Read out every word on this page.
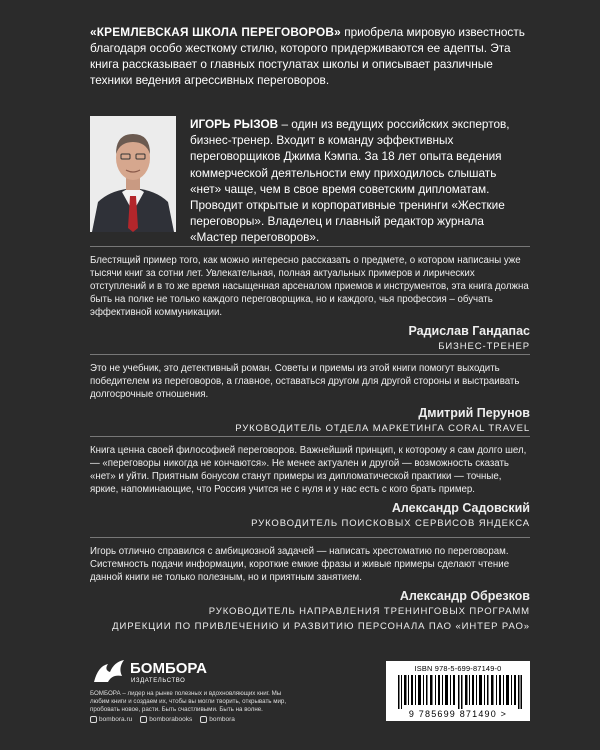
«КРЕМЛЕВСКАЯ ШКОЛА ПЕРЕГОВОРОВ» приобрела мировую известность благодаря особо жесткому стилю, которого придерживаются ее адепты. Эта книга рассказывает о главных постулатах школы и описывает различные техники ведения агрессивных переговоров.
ИГОРЬ РЫЗОВ – один из ведущих российских экспертов, бизнес-тренер. Входит в команду эффективных переговорщиков Джима Кэмпа. За 18 лет опыта ведения коммерческой деятельности ему приходилось слышать «нет» чаще, чем в свое время советским дипломатам. Проводит открытые и корпоративные тренинги «Жесткие переговоры». Владелец и главный редактор журнала «Мастер переговоров».
Блестящий пример того, как можно интересно рассказать о предмете, о котором написаны уже тысячи книг за сотни лет. Увлекательная, полная актуальных примеров и лирических отступлений и в то же время насыщенная арсеналом приемов и инструментов, эта книга должна быть на полке не только каждого переговорщика, но и каждого, чья профессия – обучать эффективной коммуникации.
Радислав Гандапас
БИЗНЕС-ТРЕНЕР
Это не учебник, это детективный роман. Советы и приемы из этой книги помогут выходить победителем из переговоров, а главное, оставаться другом для другой стороны и выстраивать долгосрочные отношения.
Дмитрий Перунов
РУКОВОДИТЕЛЬ ОТДЕЛА МАРКЕТИНГА CORAL TRAVEL
Книга ценна своей философией переговоров. Важнейший принцип, к которому я сам долго шел, — «переговоры никогда не кончаются». Не менее актуален и другой — возможность сказать «нет» и уйти. Приятным бонусом станут примеры из дипломатической практики — точные, яркие, напоминающие, что Россия учится не с нуля и у нас есть с кого брать пример.
Александр Садовский
РУКОВОДИТЕЛЬ ПОИСКОВЫХ СЕРВИСОВ ЯНДЕКСА
Игорь отлично справился с амбициозной задачей — написать хрестоматию по переговорам. Системность подачи информации, короткие емкие фразы и живые примеры сделают чтение данной книги не только полезным, но и приятным занятием.
Александр Обрезков
РУКОВОДИТЕЛЬ НАПРАВЛЕНИЯ ТРЕНИНГОВЫХ ПРОГРАММ
ДИРЕКЦИИ ПО ПРИВЛЕЧЕНИЮ И РАЗВИТИЮ ПЕРСОНАЛА ПАО «ИНТЕР РАО»
БОМБОРА
ИЗДАТЕЛЬСТВО
БОМБОРА – лидер на рынке полезных и вдохновляющих книг. Мы любим книги и создаем их, чтобы вы могли творить, открывать мир, пробовать новое, расти. Быть счастливыми. Быть на волне.
bombora.ru	bomborabooks	bombora
ISBN 978-5-699-87149-0
9 785699 871490 >
